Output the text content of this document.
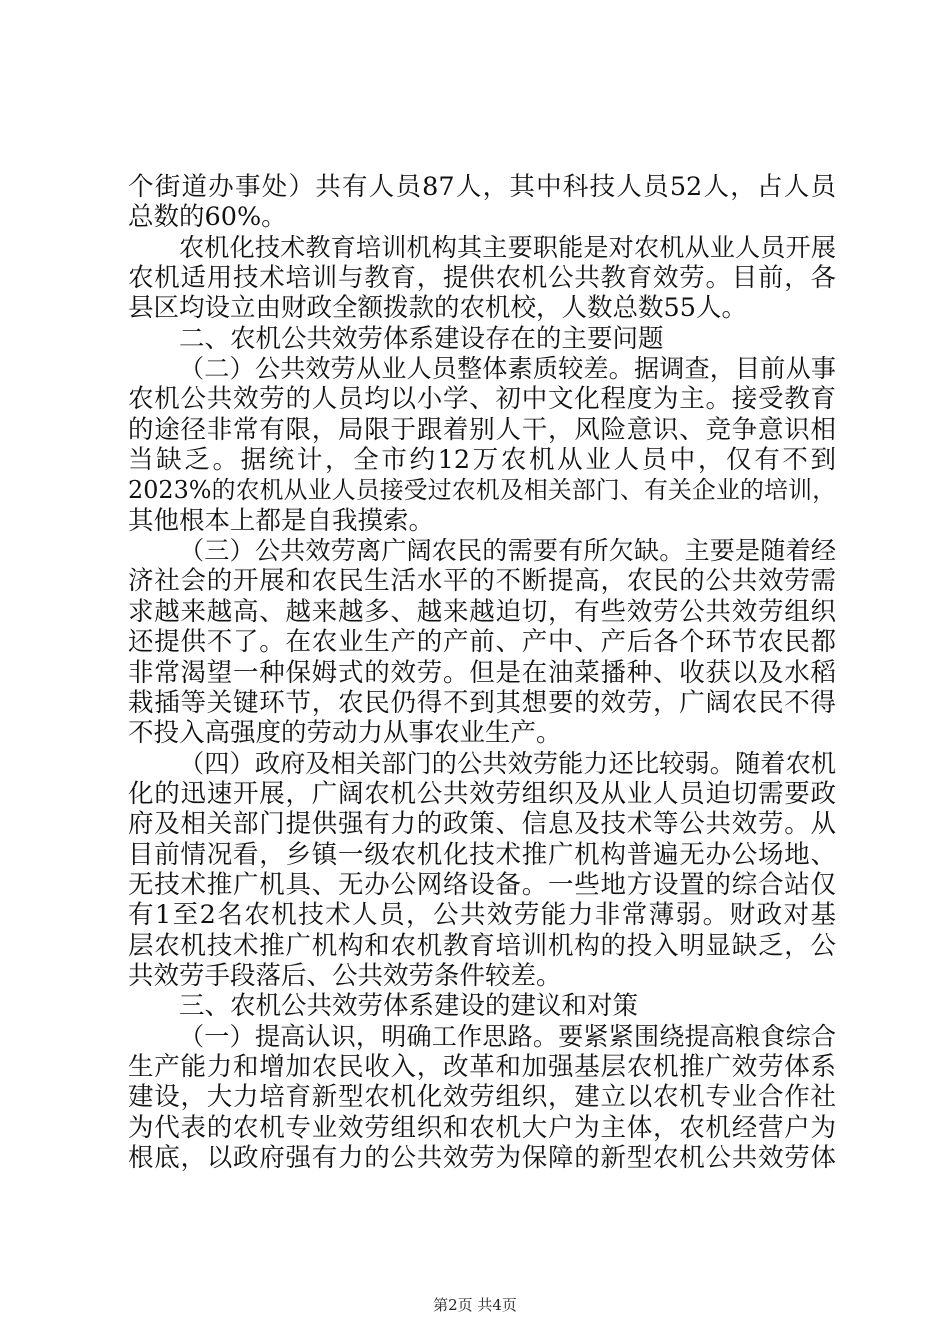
个街道办事处）共有人员87人，其中科技人员52人，占人员
总数的60%。
农机化技术教育培训机构其主要职能是对农机从业人员开展
农机适用技术培训与教育，提供农机公共教育效劳。目前，各
县区均设立由财政全额拨款的农机校，人数总数55人。
二、农机公共效劳体系建设存在的主要问题
（二）公共效劳从业人员整体素质较差。据调查，目前从事
农机公共效劳的人员均以小学、初中文化程度为主。接受教育
的途径非常有限，局限于跟着别人干，风险意识、竞争意识相
当缺乏。据统计，全市约12万农机从业人员中，仅有不到
2023%的农机从业人员接受过农机及相关部门、有关企业的培训，
其他根本上都是自我摸索。
（三）公共效劳离广阔农民的需要有所欠缺。主要是随着经
济社会的开展和农民生活水平的不断提高，农民的公共效劳需
求越来越高、越来越多、越来越迫切，有些效劳公共效劳组织
还提供不了。在农业生产的产前、产中、产后各个环节农民都
非常渴望一种保姆式的效劳。但是在油菜播种、收获以及水稻
栽插等关键环节，农民仍得不到其想要的效劳，广阔农民不得
不投入高强度的劳动力从事农业生产。
（四）政府及相关部门的公共效劳能力还比较弱。随着农机
化的迅速开展，广阔农机公共效劳组织及从业人员迫切需要政
府及相关部门提供强有力的政策、信息及技术等公共效劳。从
目前情况看，乡镇一级农机化技术推广机构普遍无办公场地、
无技术推广机具、无办公网络设备。一些地方设置的综合站仅
有1至2名农机技术人员，公共效劳能力非常薄弱。财政对基
层农机技术推广机构和农机教育培训机构的投入明显缺乏，公
共效劳手段落后、公共效劳条件较差。
三、农机公共效劳体系建设的建议和对策
（一）提高认识，明确工作思路。要紧紧围绕提高粮食综合
生产能力和增加农民收入，改革和加强基层农机推广效劳体系
建设，大力培育新型农机化效劳组织，建立以农机专业合作社
为代表的农机专业效劳组织和农机大户为主体，农机经营户为
根底，以政府强有力的公共效劳为保障的新型农机公共效劳体
第2页 共4页
